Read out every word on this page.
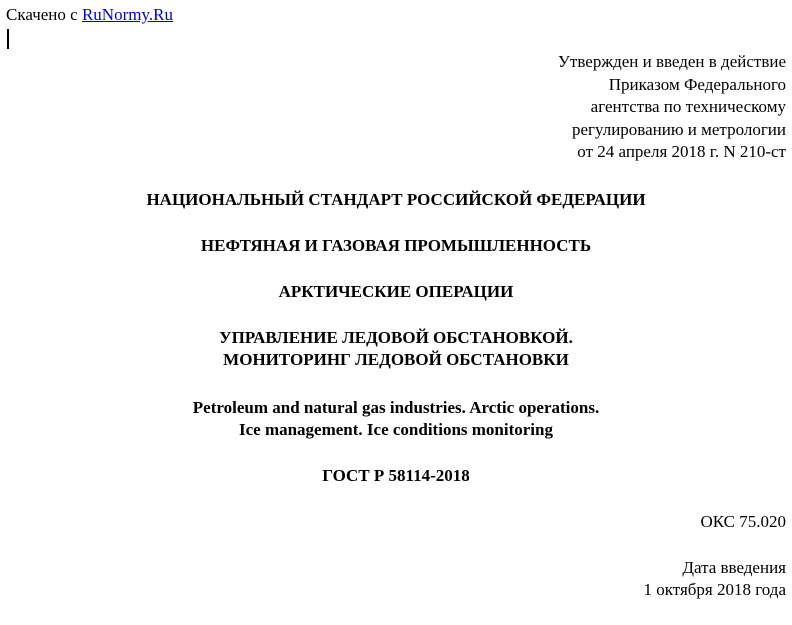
Скачено с RuNormy.Ru
Утвержден и введен в действие
Приказом Федерального
агентства по техническому
регулированию и метрологии
от 24 апреля 2018 г. N 210-ст
НАЦИОНАЛЬНЫЙ СТАНДАРТ РОССИЙСКОЙ ФЕДЕРАЦИИ
НЕФТЯНАЯ И ГАЗОВАЯ ПРОМЫШЛЕННОСТЬ
АРКТИЧЕСКИЕ ОПЕРАЦИИ
УПРАВЛЕНИЕ ЛЕДОВОЙ ОБСТАНОВКОЙ.
МОНИТОРИНГ ЛЕДОВОЙ ОБСТАНОВКИ
Petroleum and natural gas industries. Arctic operations.
Ice management. Ice conditions monitoring
ГОСТ Р 58114-2018
ОКС 75.020
Дата введения
1 октября 2018 года
